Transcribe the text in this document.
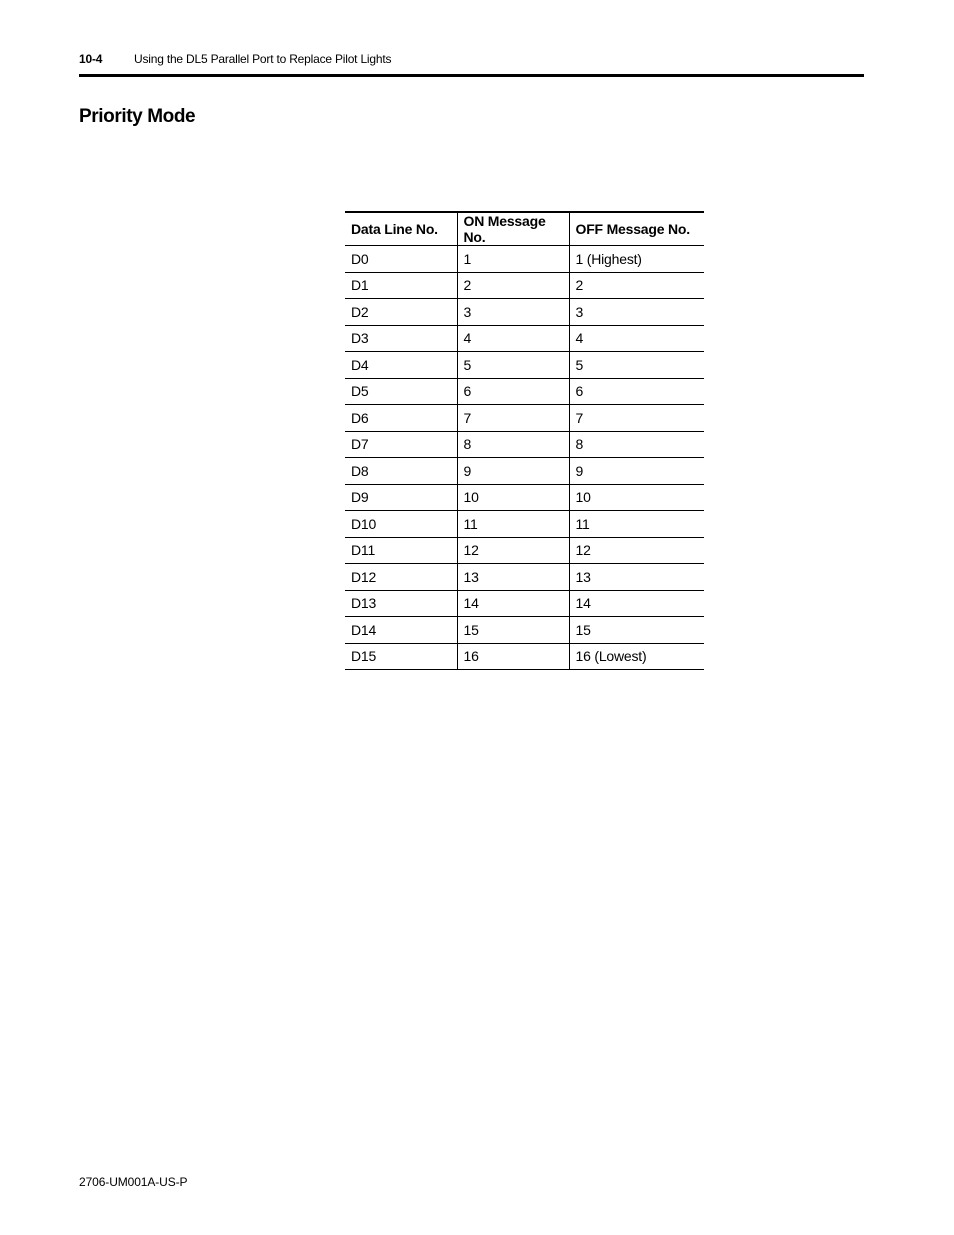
10-4	Using the DL5 Parallel Port to Replace Pilot Lights
Priority Mode
Data Line No.	ON Message No.	OFF Message No.
D0	1	1 (Highest)
D1	2	2
D2	3	3
D3	4	4
D4	5	5
D5	6	6
D6	7	7
D7	8	8
D8	9	9
D9	10	10
D10	11	11
D11	12	12
D12	13	13
D13	14	14
D14	15	15
D15	16	16 (Lowest)
2706-UM001A-US-P
